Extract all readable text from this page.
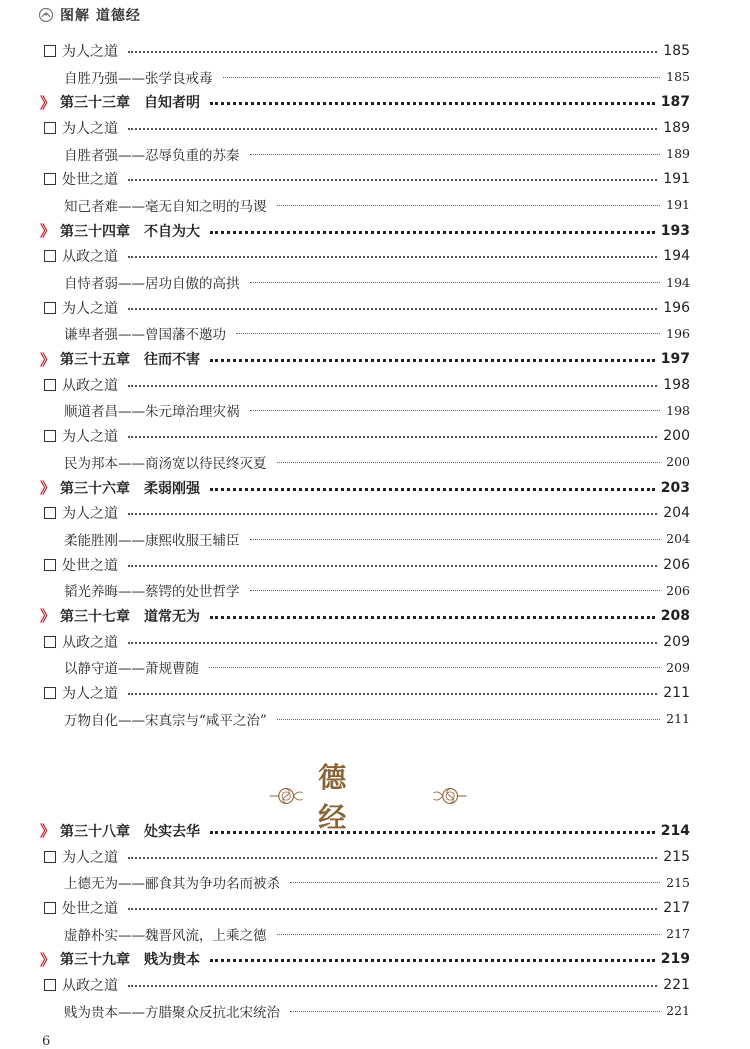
图解 道德经
为人之道	185
自胜乃强——张学良戒毒	185
》 第三十三章　自知者明	187
为人之道	189
自胜者强——忍辱负重的苏秦	189
处世之道	191
知己者难——毫无自知之明的马谡	191
》 第三十四章　不自为大	193
从政之道	194
自恃者弱——居功自傲的高拱	194
为人之道	196
谦卑者强——曾国藩不邀功	196
》 第三十五章　往而不害	197
从政之道	198
顺道者昌——朱元璋治理灾祸	198
为人之道	200
民为邦本——商汤宽以待民终灭夏	200
》 第三十六章　柔弱刚强	203
为人之道	204
柔能胜刚——康熙收服王辅臣	204
处世之道	206
韬光养晦——蔡锷的处世哲学	206
》 第三十七章　道常无为	208
从政之道	209
以静守道——萧规曹随	209
为人之道	211
万物自化——宋真宗与“咸平之治”	211
德 经
》 第三十八章　处实去华	214
为人之道	215
上德无为——郦食其为争功名而被杀	215
处世之道	217
虚静朴实——魏晋风流，上乘之德	217
》 第三十九章　贱为贵本	219
从政之道	221
贱为贵本——方腊聚众反抗北宋统治	221
6
